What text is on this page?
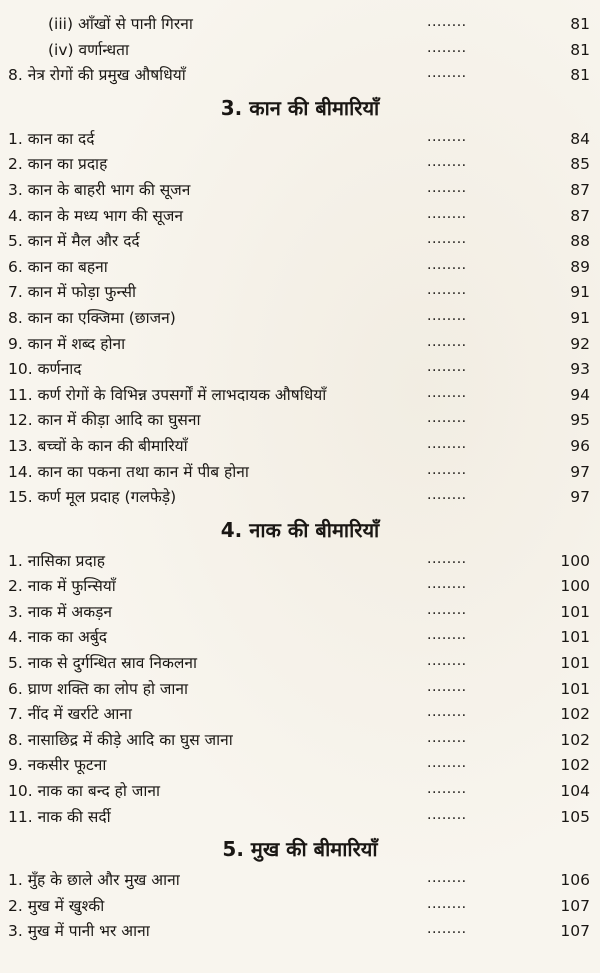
(iii) आँखों से पानी गिरना	........	81
(iv) वर्णान्धता	........	81
8. नेत्र रोगों की प्रमुख औषधियाँ	........	81
3. कान की बीमारियाँ
1. कान का दर्द	........	84
2. कान का प्रदाह	........	85
3. कान के बाहरी भाग की सूजन	........	87
4. कान के मध्य भाग की सूजन	........	87
5. कान में मैल और दर्द	........	88
6. कान का बहना	........	89
7. कान में फोड़ा फुन्सी	........	91
8. कान का एक्जिमा (छाजन)	........	91
9. कान में शब्द होना	........	92
10. कर्णनाद	........	93
11. कर्ण रोगों के विभिन्न उपसर्गों में लाभदायक औषधियाँ	........	94
12. कान में कीड़ा आदि का घुसना	........	95
13. बच्चों के कान की बीमारियाँ	........	96
14. कान का पकना तथा कान में पीब होना	........	97
15. कर्ण मूल प्रदाह (गलफेड़े)	........	97
4. नाक की बीमारियाँ
1. नासिका प्रदाह	........	100
2. नाक में फुन्सियाँ	........	100
3. नाक में अकड़न	........	101
4. नाक का अर्बुद	........	101
5. नाक से दुर्गन्धित स्राव निकलना	........	101
6. घ्राण शक्ति का लोप हो जाना	........	101
7. नींद में खर्राटे आना	........	102
8. नासाछिद्र में कीड़े आदि का घुस जाना	........	102
9. नकसीर फूटना	........	102
10. नाक का बन्द हो जाना	........	104
11. नाक की सर्दी	........	105
5. मुख की बीमारियाँ
1. मुँह के छाले और मुख आना	........	106
2. मुख में खुश्की	........	107
3. मुख में पानी भर आना	........	107
